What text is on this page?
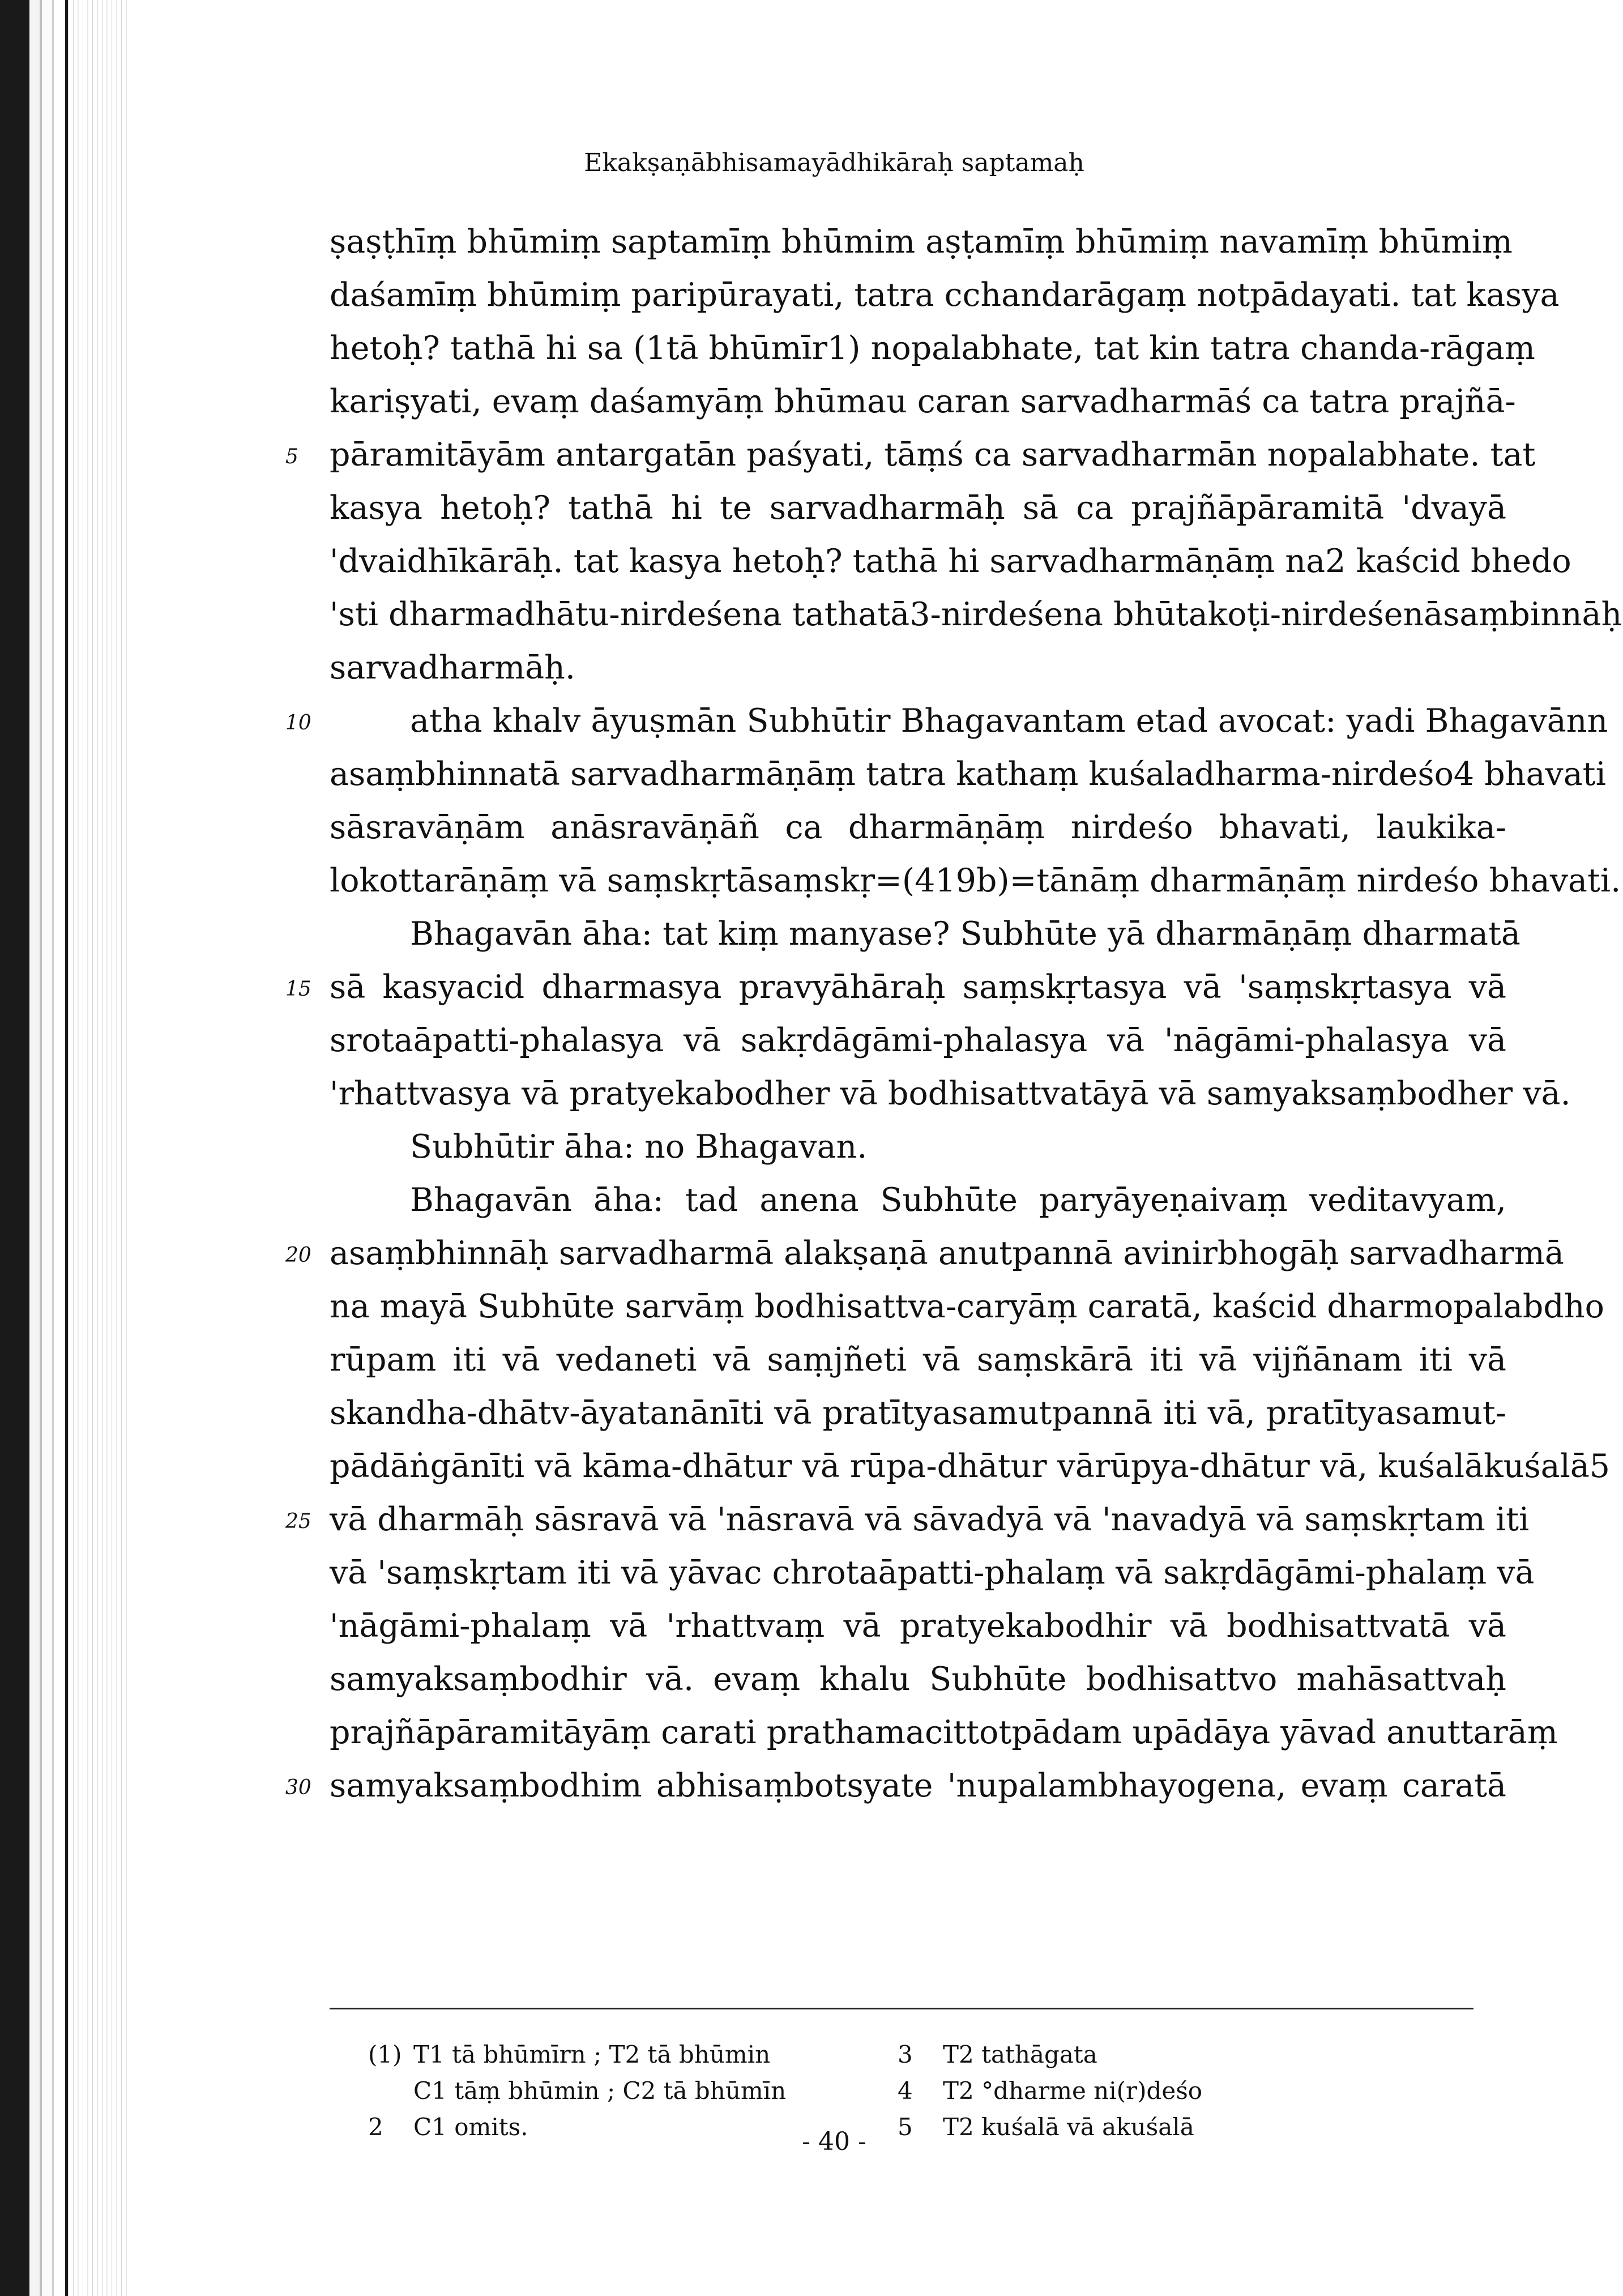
Ekakṣaṇābhisamayādhikāraḥ saptamaḥ
ṣaṣṭhīṃ bhūmiṃ saptamīṃ bhūmim aṣṭamīṃ bhūmiṃ navamīṃ bhūmiṃ
daśamīṃ bhūmiṃ paripūrayati, tatra cchandarāgaṃ notpādayati. tat kasya
hetoḥ? tathā hi sa (1tā bhūmīr1) nopalabhate, tat kin tatra chanda-rāgaṃ
kariṣyati, evaṃ daśamyāṃ bhūmau caran sarvadharmāś ca tatra prajñā-
5 pāramitāyām antargatān paśyati, tāṃś ca sarvadharmān nopalabhate. tat
kasya hetoḥ? tathā hi te sarvadharmāḥ sā ca prajñāpāramitā 'dvayā
'dvaidhīkārāḥ. tat kasya hetoḥ? tathā hi sarvadharmāṇāṃ na2 kaścid bhedo
'sti dharmadhātu-nirdeśena tathatā3-nirdeśena bhūtakoṭi-nirdeśenāsaṃbinnāḥ
sarvadharmāḥ.
10	atha khalv āyuṣmān Subhūtir Bhagavantam etad avocat: yadi Bhagavānn
asaṃbhinnatā sarvadharmāṇāṃ tatra kathaṃ kuśaladharma-nirdeśo4 bhavati
sāsravāṇām anāsravāṇāñ ca dharmāṇāṃ nirdeśo bhavati, laukika-
lokottarāṇāṃ vā saṃskṛtāsaṃskṛ=(419b)=tānāṃ dharmāṇāṃ nirdeśo bhavati.
Bhagavān āha: tat kiṃ manyase? Subhūte yā dharmāṇāṃ dharmatā
15 sā kasyacid dharmasya pravyāhāraḥ saṃskṛtasya vā 'saṃskṛtasya vā
srotaāpatti-phalasya vā sakṛdāgāmi-phalasya vā 'nāgāmi-phalasya vā
'rhattvasya vā pratyekabodher vā bodhisattvatāyā vā samyaksaṃbodher vā.
Subhūtir āha: no Bhagavan.
Bhagavān āha: tad anena Subhūte paryāyeṇaivaṃ veditavyam,
20 asaṃbhinnāḥ sarvadharmā alakṣaṇā anutpannā avinirbhogāḥ sarvadharmā
na mayā Subhūte sarvāṃ bodhisattva-caryāṃ caratā, kaścid dharmopalabdho
rūpam iti vā vedaneti vā saṃjñeti vā saṃskārā iti vā vijñānam iti vā
skandha-dhātv-āyatanānīti vā pratītyasamutpannā iti vā, pratītyasamut-
pādāṅgānīti vā kāma-dhātur vā rūpa-dhātur vārūpya-dhātur vā, kuśalākuśalā5
25 vā dharmāḥ sāsravā vā 'nāsravā vā sāvadyā vā 'navadyā vā saṃskṛtam iti
vā 'saṃskṛtam iti vā yāvac chrotaāpatti-phalaṃ vā sakṛdāgāmi-phalaṃ vā
'nāgāmi-phalaṃ vā 'rhattvaṃ vā pratyekabodhir vā bodhisattvatā vā
samyaksaṃbodhir vā. evaṃ khalu Subhūte bodhisattvo mahāsattvaḥ
prajñāpāramitāyāṃ carati prathamacittotpādam upādāya yāvad anuttarāṃ
30 samyaksaṃbodhim abhisaṃbotsyate 'nupalambhayogena, evaṃ caratā
(1) T1 tā bhūmīrn ; T2 tā bhūmin
C1 tāṃ bhūmin ; C2 tā bhūmīn
2 C1 omits.
3 T2 tathāgata
4 T2 °dharme ni(r)deśo
5 T2 kuśalā vā akuśalā
- 40 -
